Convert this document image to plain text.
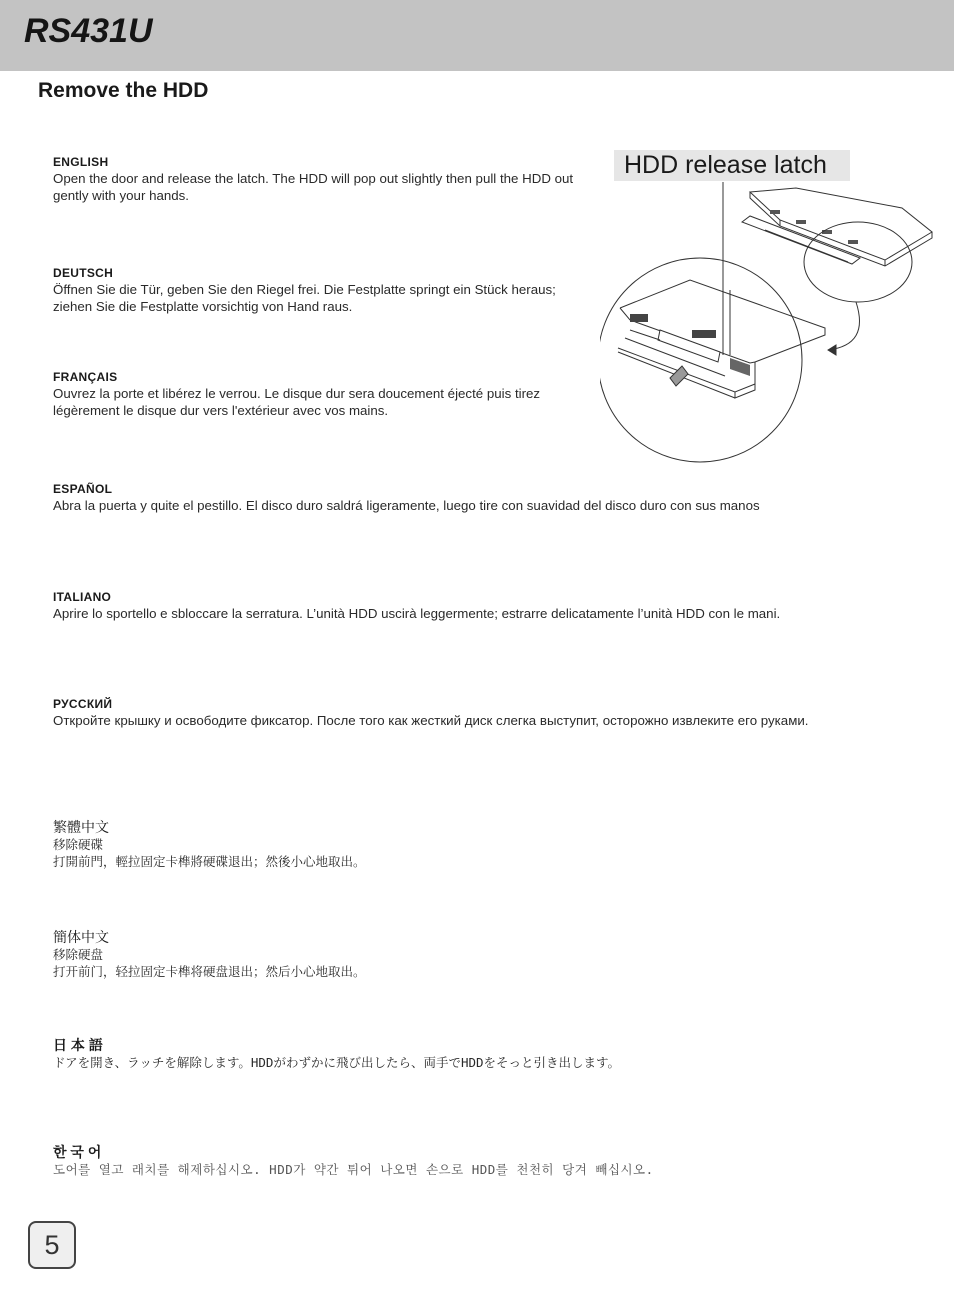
RS431U
Remove the HDD
ENGLISH
Open the door and release the latch. The HDD will pop out slightly then pull the HDD out
gently with your hands.
DEUTSCH
Öffnen Sie die Tür, geben Sie den Riegel frei. Die Festplatte springt ein Stück heraus;
ziehen Sie die Festplatte vorsichtig von Hand raus.
FRANÇAIS
Ouvrez la porte et libérez le verrou. Le disque dur sera doucement éjecté puis tirez
légèrement le disque dur vers l'extérieur avec vos mains.
ESPAÑOL
Abra la puerta y quite el pestillo. El disco duro saldrá ligeramente, luego tire con suavidad del disco duro con sus manos
ITALIANO
Aprire lo sportello e sbloccare la serratura. L’unità HDD uscirà leggermente; estrarre delicatamente l’unità HDD con le mani.
РУССКИЙ
Откройте крышку и освободите фиксатор. После того как жесткий диск слегка выступит, осторожно извлеките его руками.
繁體中文
移除硬碟
打開前門，輕拉固定卡榫將硬碟退出；然後小心地取出。
簡体中文
移除硬盘
打开前门，轻拉固定卡榫将硬盘退出；然后小心地取出。
日 本 語
ドアを開き、ラッチを解除します。HDDがわずかに飛び出したら、両手でHDDをそっと引き出します。
한 국 어
도어를 열고 래치를 해제하십시오. HDD가 약간 튀어 나오면 손으로 HDD를 천천히 당겨 빼십시오.
HDD release latch
5
